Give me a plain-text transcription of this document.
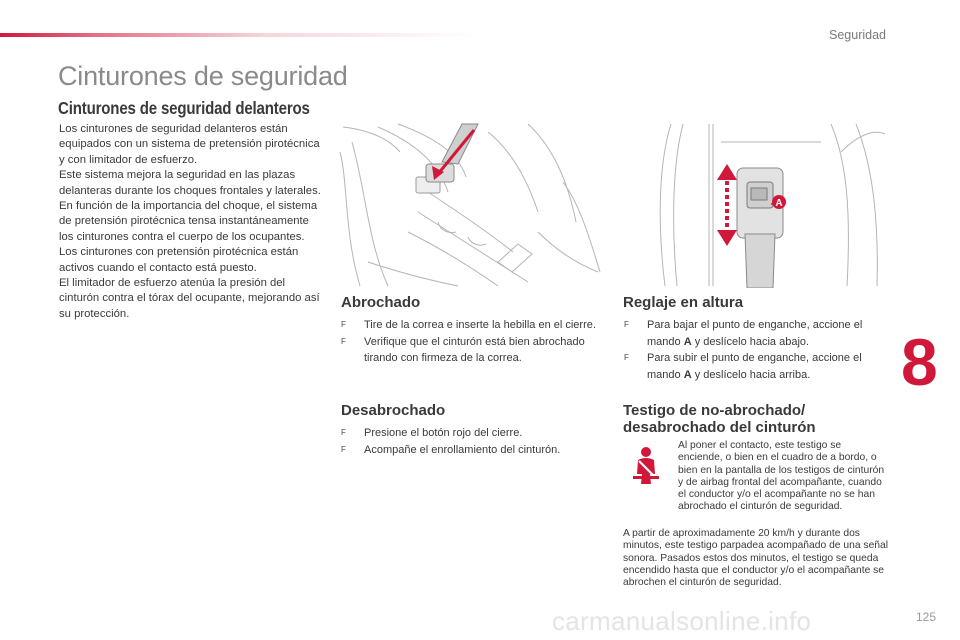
Seguridad
Cinturones de seguridad
Cinturones de seguridad delanteros

Los cinturones de seguridad delanteros están equipados con un sistema de pretensión pirotécnica y con limitador de esfuerzo.

Este sistema mejora la seguridad en las plazas delanteras durante los choques frontales y laterales. En función de la importancia del choque, el sistema de pretensión pirotécnica tensa instantáneamente los cinturones contra el cuerpo de los ocupantes.

Los cinturones con pretensión pirotécnica están activos cuando el contacto está puesto.

El limitador de esfuerzo atenúa la presión del cinturón contra el tórax del ocupante, mejorando así su protección.

A
Abrochado
F Tire de la correa e inserte la hebilla en el cierre.
F Verifique que el cinturón está bien abrochado tirando con firmeza de la correa.
Desabrochado
F Presione el botón rojo del cierre.
F Acompañe el enrollamiento del cinturón.
Reglaje en altura
F Para bajar el punto de enganche, accione el mando A y deslícelo hacia abajo.
F Para subir el punto de enganche, accione el mando A y deslícelo hacia arriba.
Testigo de no-abrochado/
desabrochado del cinturón
Al poner el contacto, este testigo se enciende, o bien en el cuadro de a bordo, o bien en la pantalla de los testigos de cinturón y de airbag frontal del acompañante, cuando el conductor y/o el acompañante no se han abrochado el cinturón de seguridad.
A partir de aproximadamente 20 km/h y durante dos minutos, este testigo parpadea acompañado de una señal sonora. Pasados estos dos minutos, el testigo se queda encendido hasta que el conductor y/o el acompañante se abrochen el cinturón de seguridad.
8
carmanualsonline.info	125
